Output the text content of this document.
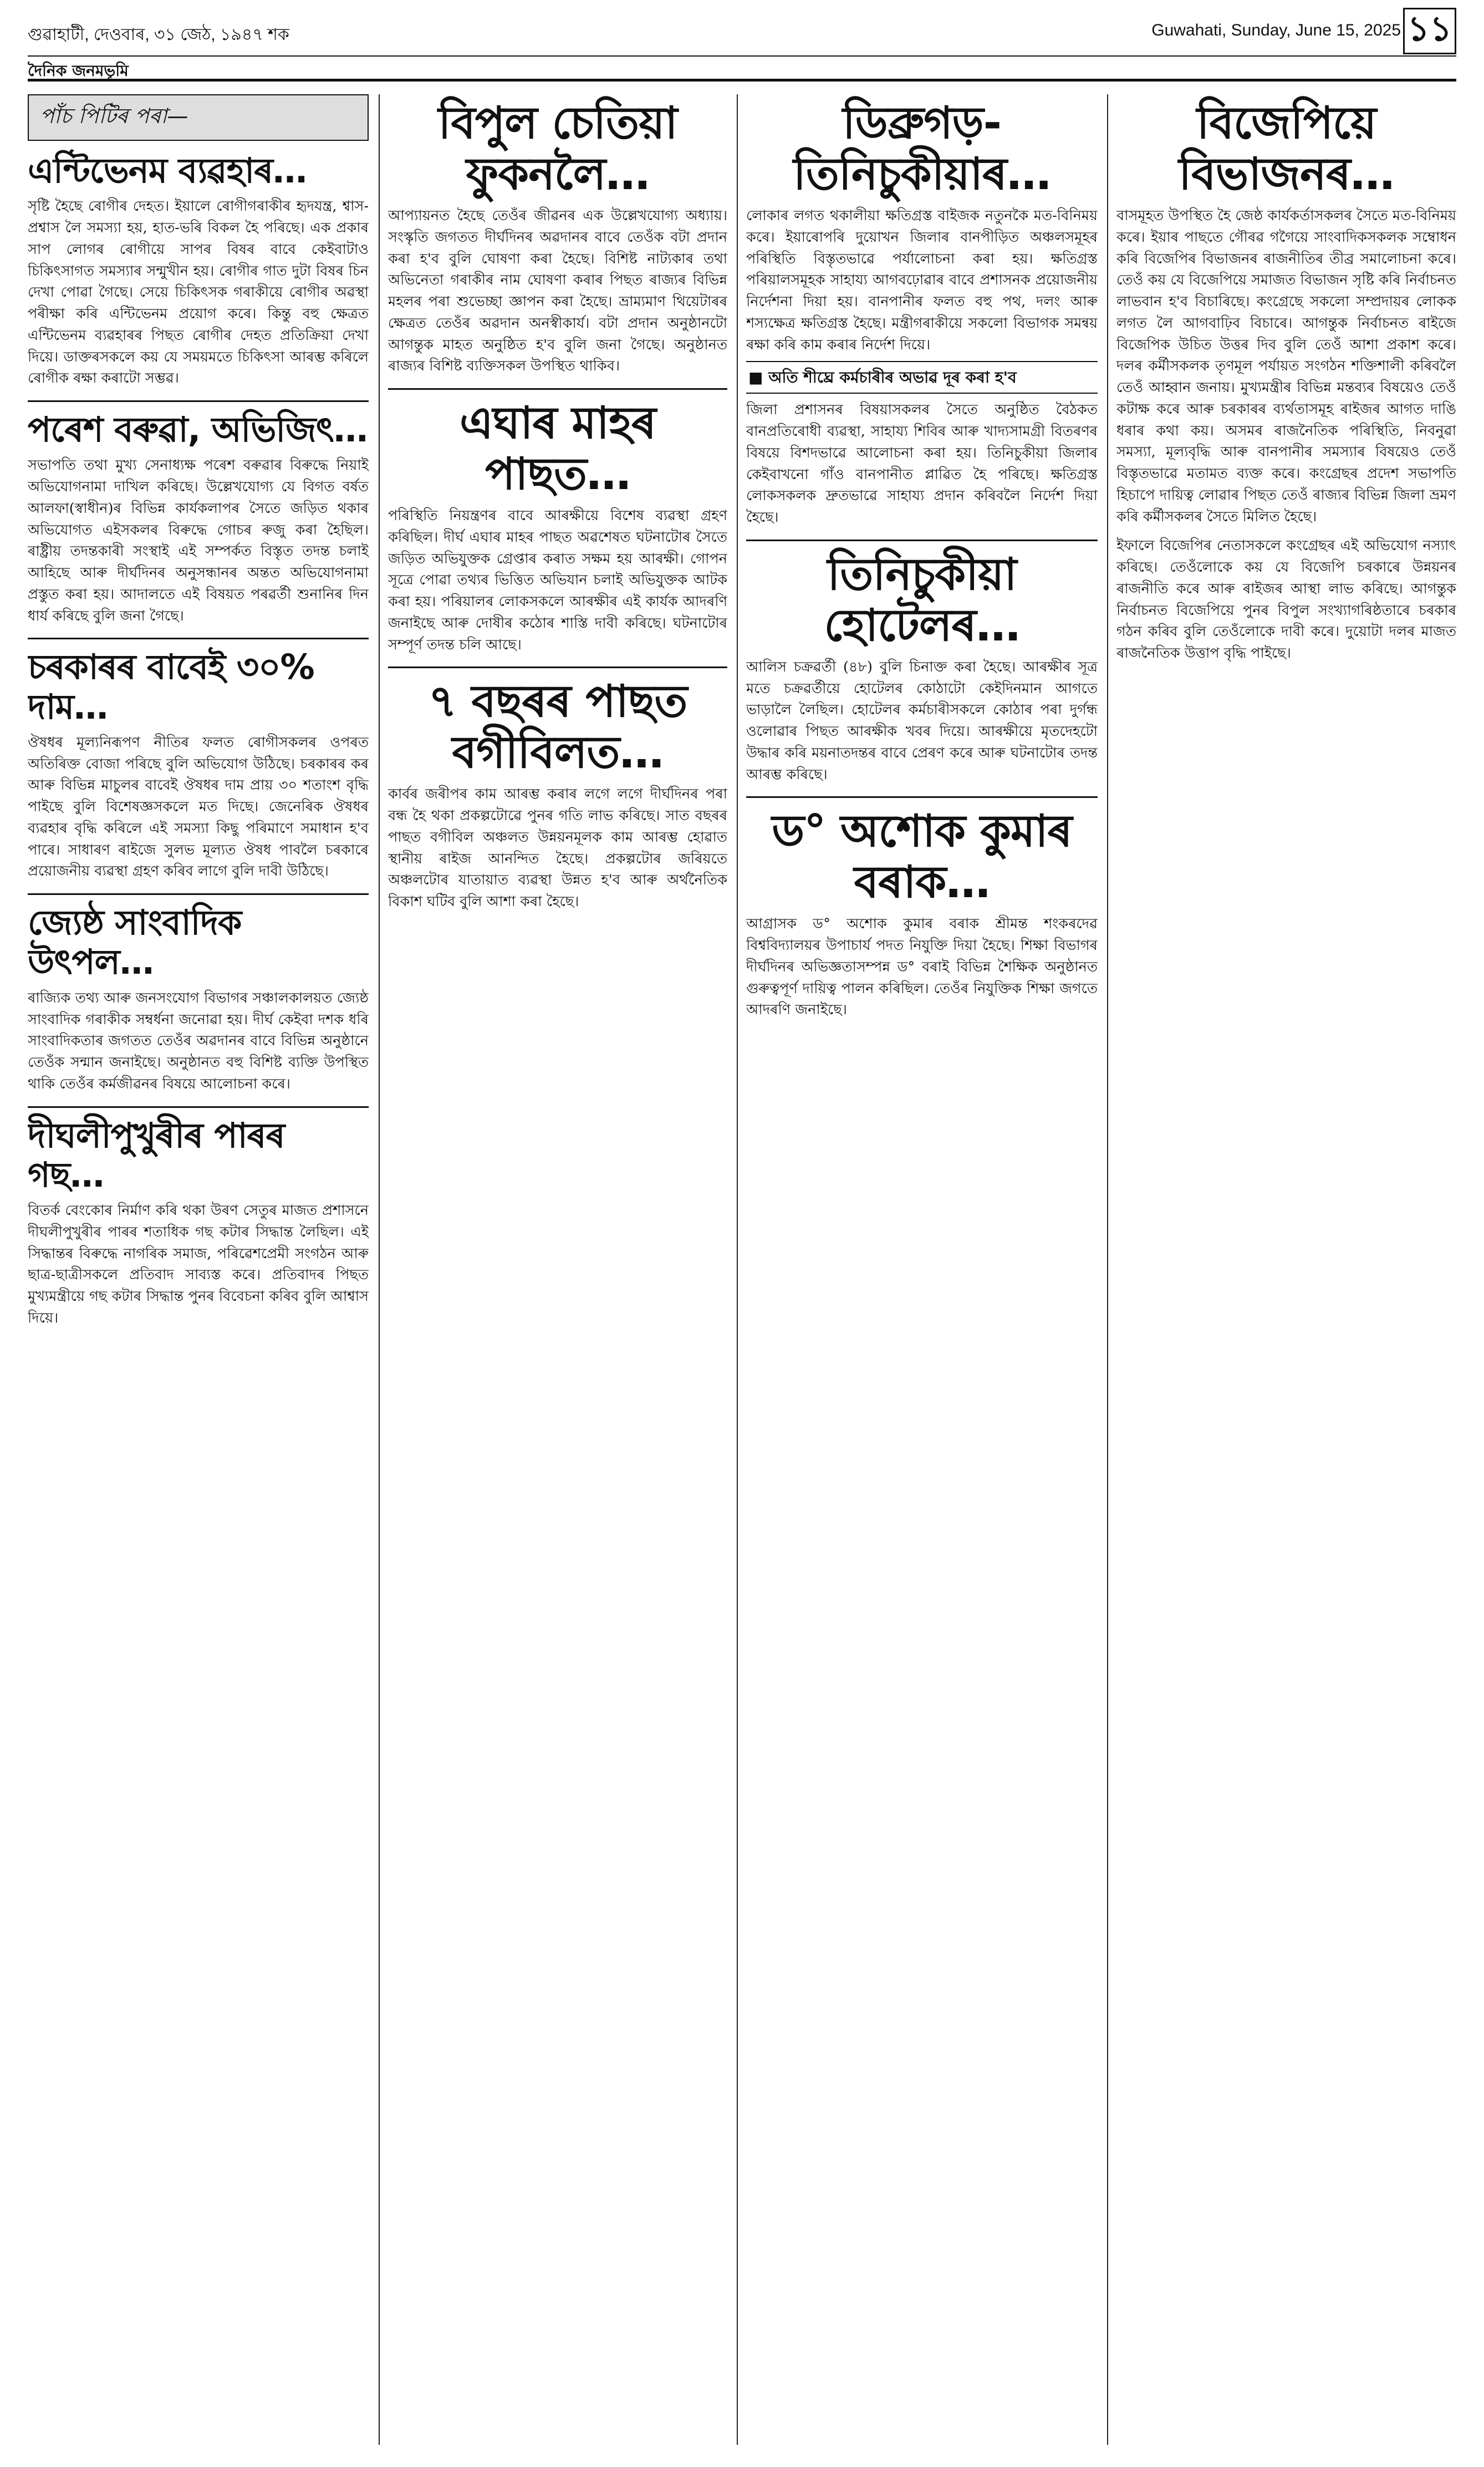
গুৱাহাটী, দেওবাৰ, ৩১ জেঠ, ১৯৪৭ শক	Guwahati, Sunday, June 15, 2025 ১১
দৈনিক জনমভূমি
পাঁচ পিটিৰ পৰা—
এন্টিভেনম ব্যৱহাৰ…

সৃষ্টি হৈছে ৰোগীৰ দেহত। ইয়ালে ৰোগীগৰাকীৰ হৃদযন্ত্ৰ, শ্বাস-প্ৰশ্বাস লৈ সমস্যা হয়, হাত-ভৰি বিকল হৈ পৰিছে। এক প্ৰকাৰ সাপ লোগৰ ৰোগীয়ে সাপৰ বিষৰ বাবে কেইবাটাও চিকিৎসাগত সমস্যাৰ সন্মুখীন হয়। ৰোগীৰ গাত দুটা বিষৰ চিন দেখা পোৱা গৈছে। সেয়ে চিকিৎসক গৰাকীয়ে ৰোগীৰ অৱস্থা পৰীক্ষা কৰি এন্টিভেনম প্ৰয়োগ কৰে। কিন্তু বহু ক্ষেত্ৰত এন্টিভেনম ব্যৱহাৰৰ পিছত ৰোগীৰ দেহত প্ৰতিক্ৰিয়া দেখা দিয়ে। ডাক্তৰসকলে কয় যে সময়মতে চিকিৎসা আৰম্ভ কৰিলে ৰোগীক ৰক্ষা কৰাটো সম্ভৱ।

পৰেশ বৰুৱা, অভিজিৎ…

সভাপতি তথা মুখ্য সেনাধ্যক্ষ পৰেশ বৰুৱাৰ বিৰুদ্ধে নিয়াই অভিযোগনামা দাখিল কৰিছে। উল্লেখযোগ্য যে বিগত বৰ্ষত আলফা(স্বাধীন)ৰ বিভিন্ন কাৰ্যকলাপৰ সৈতে জড়িত থকাৰ অভিযোগত এইসকলৰ বিৰুদ্ধে গোচৰ ৰুজু কৰা হৈছিল। ৰাষ্ট্ৰীয় তদন্তকাৰী সংস্থাই এই সম্পৰ্কত বিস্তৃত তদন্ত চলাই আহিছে আৰু দীৰ্ঘদিনৰ অনুসন্ধানৰ অন্তত অভিযোগনামা প্ৰস্তুত কৰা হয়। আদালতে এই বিষয়ত পৰৱৰ্তী শুনানিৰ দিন ধাৰ্য কৰিছে বুলি জনা গৈছে।

চৰকাৰৰ বাবেই ৩০% দাম…

ঔষধৰ মূল্যনিৰূপণ নীতিৰ ফলত ৰোগীসকলৰ ওপৰত অতিৰিক্ত বোজা পৰিছে বুলি অভিযোগ উঠিছে। চৰকাৰৰ কৰ আৰু বিভিন্ন মাচুলৰ বাবেই ঔষধৰ দাম প্ৰায় ৩০ শতাংশ বৃদ্ধি পাইছে বুলি বিশেষজ্ঞসকলে মত দিছে। জেনেৰিক ঔষধৰ ব্যৱহাৰ বৃদ্ধি কৰিলে এই সমস্যা কিছু পৰিমাণে সমাধান হ'ব পাৰে। সাধাৰণ ৰাইজে সুলভ মূল্যত ঔষধ পাবলৈ চৰকাৰে প্ৰয়োজনীয় ব্যৱস্থা গ্ৰহণ কৰিব লাগে বুলি দাবী উঠিছে।

জ্যেষ্ঠ সাংবাদিক উৎপল…

ৰাজ্যিক তথ্য আৰু জনসংযোগ বিভাগৰ সঞ্চালকালয়ত জ্যেষ্ঠ সাংবাদিক গৰাকীক সম্বৰ্ধনা জনোৱা হয়। দীৰ্ঘ কেইবা দশক ধৰি সাংবাদিকতাৰ জগতত তেওঁৰ অৱদানৰ বাবে বিভিন্ন অনুষ্ঠানে তেওঁক সন্মান জনাইছে। অনুষ্ঠানত বহু বিশিষ্ট ব্যক্তি উপস্থিত থাকি তেওঁৰ কৰ্মজীৱনৰ বিষয়ে আলোচনা কৰে।

দীঘলীপুখুৰীৰ পাৰৰ গছ…

বিতৰ্ক বেংকোৰ নিৰ্মাণ কৰি থকা উৰণ সেতুৰ মাজত প্ৰশাসনে দীঘলীপুখুৰীৰ পাৰৰ শতাধিক গছ কটাৰ সিদ্ধান্ত লৈছিল। এই সিদ্ধান্তৰ বিৰুদ্ধে নাগৰিক সমাজ, পৰিৱেশপ্ৰেমী সংগঠন আৰু ছাত্ৰ-ছাত্ৰীসকলে প্ৰতিবাদ সাব্যস্ত কৰে। প্ৰতিবাদৰ পিছত মুখ্যমন্ত্ৰীয়ে গছ কটাৰ সিদ্ধান্ত পুনৰ বিবেচনা কৰিব বুলি আশ্বাস দিয়ে।

বিপুল চেতিয়া ফুকনলৈ…

আপ্যায়নত হৈছে তেওঁৰ জীৱনৰ এক উল্লেখযোগ্য অধ্যায়। সংস্কৃতি জগতত দীৰ্ঘদিনৰ অৱদানৰ বাবে তেওঁক বটা প্ৰদান কৰা হ'ব বুলি ঘোষণা কৰা হৈছে। বিশিষ্ট নাট্যকাৰ তথা অভিনেতা গৰাকীৰ নাম ঘোষণা কৰাৰ পিছত ৰাজ্যৰ বিভিন্ন মহলৰ পৰা শুভেচ্ছা জ্ঞাপন কৰা হৈছে। ভ্ৰাম্যমাণ থিয়েটাৰৰ ক্ষেত্ৰত তেওঁৰ অৱদান অনস্বীকাৰ্য। বটা প্ৰদান অনুষ্ঠানটো আগন্তুক মাহত অনুষ্ঠিত হ'ব বুলি জনা গৈছে। অনুষ্ঠানত ৰাজ্যৰ বিশিষ্ট ব্যক্তিসকল উপস্থিত থাকিব।

এঘাৰ মাহৰ পাছত…

পৰিস্থিতি নিয়ন্ত্ৰণৰ বাবে আৰক্ষীয়ে বিশেষ ব্যৱস্থা গ্ৰহণ কৰিছিল। দীৰ্ঘ এঘাৰ মাহৰ পাছত অৱশেষত ঘটনাটোৰ সৈতে জড়িত অভিযুক্তক গ্ৰেপ্তাৰ কৰাত সক্ষম হয় আৰক্ষী। গোপন সূত্ৰে পোৱা তথ্যৰ ভিত্তিত অভিযান চলাই অভিযুক্তক আটক কৰা হয়। পৰিয়ালৰ লোকসকলে আৰক্ষীৰ এই কাৰ্যক আদৰণি জনাইছে আৰু দোষীৰ কঠোৰ শাস্তি দাবী কৰিছে। ঘটনাটোৰ সম্পূৰ্ণ তদন্ত চলি আছে।

৭ বছৰৰ পাছত বগীবিলত…

কাৰ্বৰ জৰীপৰ কাম আৰম্ভ কৰাৰ লগে লগে দীৰ্ঘদিনৰ পৰা বন্ধ হৈ থকা প্ৰকল্পটোৱে পুনৰ গতি লাভ কৰিছে। সাত বছৰৰ পাছত বগীবিল অঞ্চলত উন্নয়নমূলক কাম আৰম্ভ হোৱাত স্থানীয় ৰাইজ আনন্দিত হৈছে। প্ৰকল্পটোৰ জৰিয়তে অঞ্চলটোৰ যাতায়াত ব্যৱস্থা উন্নত হ'ব আৰু অৰ্থনৈতিক বিকাশ ঘটিব বুলি আশা কৰা হৈছে।

ডিব্ৰুগড়-তিনিচুকীয়াৰ…

লোকাৰ লগত থকালীয়া ক্ষতিগ্ৰস্ত বাইজক নতুনকৈ মত-বিনিময় কৰে। ইয়াৰোপৰি দুয়োখন জিলাৰ বানপীড়িত অঞ্চলসমূহৰ পৰিস্থিতি বিস্তৃতভাৱে পৰ্যালোচনা কৰা হয়। ক্ষতিগ্ৰস্ত পৰিয়ালসমূহক সাহায্য আগবঢ়োৱাৰ বাবে প্ৰশাসনক প্ৰয়োজনীয় নিৰ্দেশনা দিয়া হয়। বানপানীৰ ফলত বহু পথ, দলং আৰু শস্যক্ষেত্ৰ ক্ষতিগ্ৰস্ত হৈছে। মন্ত্ৰীগৰাকীয়ে সকলো বিভাগক সমন্বয় ৰক্ষা কৰি কাম কৰাৰ নিৰ্দেশ দিয়ে।

■ অতি শীঘ্ৰে কৰ্মচাৰীৰ অভাৱ দূৰ কৰা হ'ব

জিলা প্ৰশাসনৰ বিষয়াসকলৰ সৈতে অনুষ্ঠিত বৈঠকত বানপ্ৰতিৰোধী ব্যৱস্থা, সাহায্য শিবিৰ আৰু খাদ্যসামগ্ৰী বিতৰণৰ বিষয়ে বিশদভাৱে আলোচনা কৰা হয়। তিনিচুকীয়া জিলাৰ কেইবাখনো গাঁও বানপানীত প্লাৱিত হৈ পৰিছে। ক্ষতিগ্ৰস্ত লোকসকলক দ্ৰুতভাৱে সাহায্য প্ৰদান কৰিবলৈ নিৰ্দেশ দিয়া হৈছে।

তিনিচুকীয়া হোটেলৰ…

আলিস চক্ৰৱৰ্তী (৪৮) বুলি চিনাক্ত কৰা হৈছে। আৰক্ষীৰ সূত্ৰ মতে চক্ৰৱৰ্তীয়ে হোটেলৰ কোঠাটো কেইদিনমান আগতে ভাড়ালৈ লৈছিল। হোটেলৰ কৰ্মচাৰীসকলে কোঠাৰ পৰা দুৰ্গন্ধ ওলোৱাৰ পিছত আৰক্ষীক খবৰ দিয়ে। আৰক্ষীয়ে মৃতদেহটো উদ্ধাৰ কৰি ময়নাতদন্তৰ বাবে প্ৰেৰণ কৰে আৰু ঘটনাটোৰ তদন্ত আৰম্ভ কৰিছে।

ড° অশোক কুমাৰ বৰাক…

আগ্ৰাসক ড° অশোক কুমাৰ বৰাক শ্ৰীমন্ত শংকৰদেৱ বিশ্ববিদ্যালয়ৰ উপাচাৰ্য পদত নিযুক্তি দিয়া হৈছে। শিক্ষা বিভাগৰ দীৰ্ঘদিনৰ অভিজ্ঞতাসম্পন্ন ড° বৰাই বিভিন্ন শৈক্ষিক অনুষ্ঠানত গুৰুত্বপূৰ্ণ দায়িত্ব পালন কৰিছিল। তেওঁৰ নিযুক্তিক শিক্ষা জগতে আদৰণি জনাইছে।

বিজেপিয়ে বিভাজনৰ…

বাসমূহত উপস্থিত হৈ জেষ্ঠ কাৰ্যকৰ্তাসকলৰ সৈতে মত-বিনিময় কৰে। ইয়াৰ পাছতে গৌৰৱ গগৈয়ে সাংবাদিকসকলক সম্বোধন কৰি বিজেপিৰ বিভাজনৰ ৰাজনীতিৰ তীব্ৰ সমালোচনা কৰে। তেওঁ কয় যে বিজেপিয়ে সমাজত বিভাজন সৃষ্টি কৰি নিৰ্বাচনত লাভবান হ'ব বিচাৰিছে। কংগ্ৰেছে সকলো সম্প্ৰদায়ৰ লোকক লগত লৈ আগবাঢ়িব বিচাৰে। আগন্তুক নিৰ্বাচনত ৰাইজে বিজেপিক উচিত উত্তৰ দিব বুলি তেওঁ আশা প্ৰকাশ কৰে। দলৰ কৰ্মীসকলক তৃণমূল পৰ্যায়ত সংগঠন শক্তিশালী কৰিবলৈ তেওঁ আহ্বান জনায়। মুখ্যমন্ত্ৰীৰ বিভিন্ন মন্তব্যৰ বিষয়েও তেওঁ কটাক্ষ কৰে আৰু চৰকাৰৰ ব্যৰ্থতাসমূহ ৰাইজৰ আগত দাঙি ধৰাৰ কথা কয়। অসমৰ ৰাজনৈতিক পৰিস্থিতি, নিবনুৱা সমস্যা, মূল্যবৃদ্ধি আৰু বানপানীৰ সমস্যাৰ বিষয়েও তেওঁ বিস্তৃতভাৱে মতামত ব্যক্ত কৰে। কংগ্ৰেছৰ প্ৰদেশ সভাপতি হিচাপে দায়িত্ব লোৱাৰ পিছত তেওঁ ৰাজ্যৰ বিভিন্ন জিলা ভ্ৰমণ কৰি কৰ্মীসকলৰ সৈতে মিলিত হৈছে।

ইফালে বিজেপিৰ নেতাসকলে কংগ্ৰেছৰ এই অভিযোগ নস্যাৎ কৰিছে। তেওঁলোকে কয় যে বিজেপি চৰকাৰে উন্নয়নৰ ৰাজনীতি কৰে আৰু ৰাইজৰ আস্থা লাভ কৰিছে। আগন্তুক নিৰ্বাচনত বিজেপিয়ে পুনৰ বিপুল সংখ্যাগৰিষ্ঠতাৰে চৰকাৰ গঠন কৰিব বুলি তেওঁলোকে দাবী কৰে। দুয়োটা দলৰ মাজত ৰাজনৈতিক উত্তাপ বৃদ্ধি পাইছে।
